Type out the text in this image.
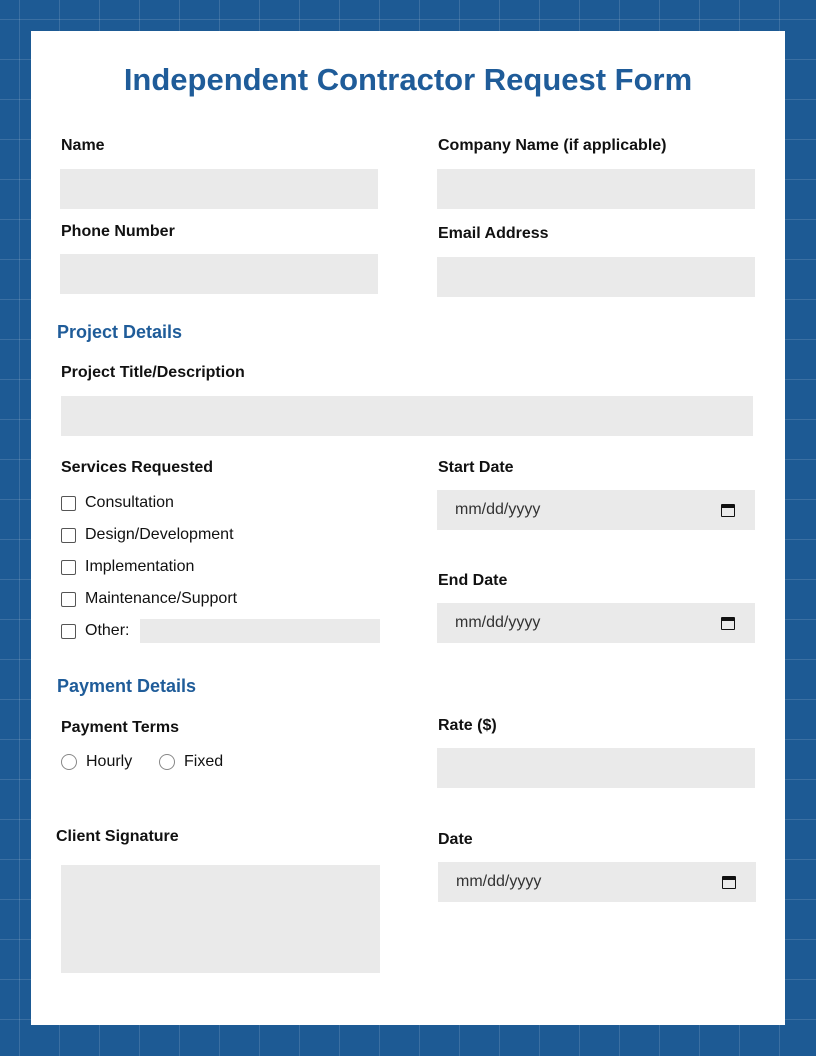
Independent Contractor Request Form
Name	Company Name (if applicable)
Phone Number	Email Address
Project Details
Project Title/Description
Services Requested
Consultation
Design/Development
Implementation
Maintenance/Support
Other:
Start Date
mm/dd/yyyy
End Date
mm/dd/yyyy
Payment Details
Payment Terms
Hourly	Fixed
Rate ($)
Client Signature	Date
mm/dd/yyyy
